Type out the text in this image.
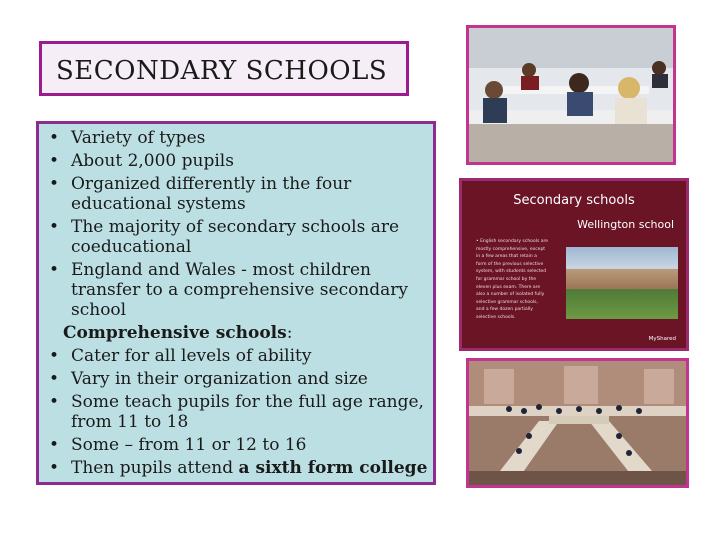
SECONDARY SCHOOLS
• Variety of types
• About 2,000 pupils
• Organized differently in the four educational systems
• The majority of secondary schools are coeducational
• England and Wales - most children transfer to a comprehensive secondary school
Comprehensive schools:
• Cater for all levels of ability
• Vary in their organization and size
• Some teach pupils for the full age range, from 11 to 18
• Some – from 11 or 12 to 16
• Then pupils attend a sixth form college
Secondary schools
Wellington school
• English secondary schools are
mostly comprehensive, except
in a few areas that retain a
form of the previous selective
system, with students selected
for grammar school by the
eleven plus exam. There are
also a number of isolated fully
selective grammar schools,
and a few dozen partially
selective schools.
MyShared
